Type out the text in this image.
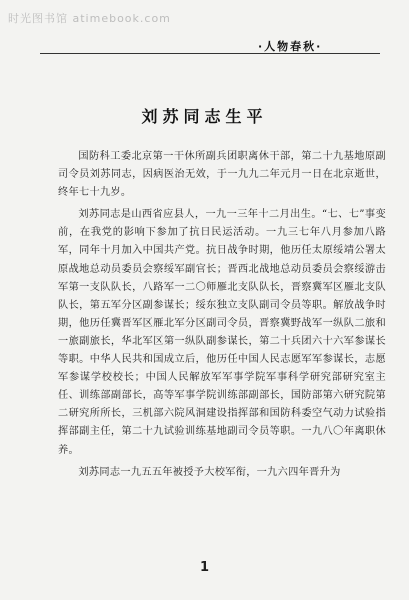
时光图书馆 atimebook.com
·人物春秋·
刘苏同志生平

国防科工委北京第一干休所副兵团职离休干部，第二十九基地原副司令员刘苏同志，因病医治无效，于一九九二年元月一日在北京逝世，终年七十九岁。

刘苏同志是山西省应县人，一九一三年十二月出生。“七、七”事变前，在我党的影响下参加了抗日民运活动。一九三七年八月参加八路军，同年十月加入中国共产党。抗日战争时期，他历任太原绥靖公署太原战地总动员委员会察绥军副官长；晋西北战地总动员委员会察绥游击军第一支队队长，八路军一二〇师雁北支队队长，晋察冀军区雁北支队队长，第五军分区副参谋长；绥东独立支队副司令员等职。解放战争时期，他历任冀晋军区雁北军分区副司令员，晋察冀野战军一纵队二旅和一旅副旅长，华北军区第一纵队副参谋长，第二十兵团六十六军参谋长等职。中华人民共和国成立后，他历任中国人民志愿军军参谋长，志愿军参谋学校校长；中国人民解放军军事学院军事科学研究部研究室主任、训练部副部长，高等军事学院训练部副部长，国防部第六研究院第二研究所所长，三机部六院风洞建设指挥部和国防科委空气动力试验指挥部副主任，第二十九试验训练基地副司令员等职。一九八〇年离职休养。

刘苏同志一九五五年被授予大校军衔，一九六四年晋升为

1
